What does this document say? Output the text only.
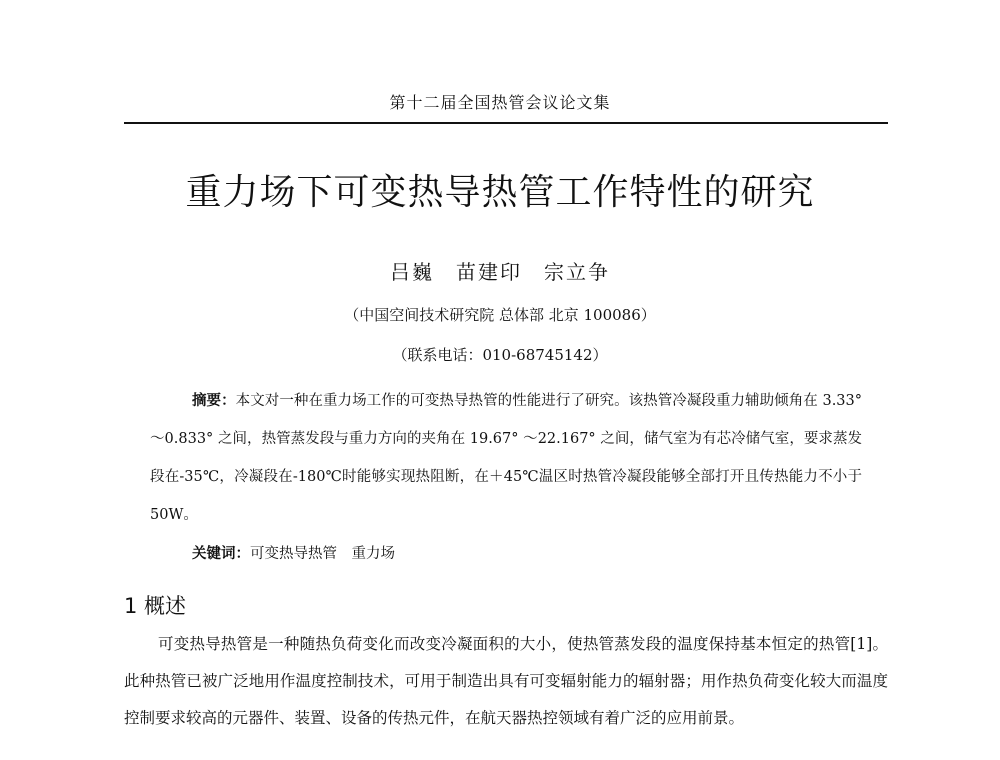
第十二届全国热管会议论文集
重力场下可变热导热管工作特性的研究
吕巍　苗建印　宗立争
（中国空间技术研究院 总体部 北京 100086）
（联系电话：010-68745142）
摘要：本文对一种在重力场工作的可变热导热管的性能进行了研究。该热管冷凝段重力辅助倾角在 3.33° ～0.833° 之间，热管蒸发段与重力方向的夹角在 19.67° ～22.167° 之间，储气室为有芯冷储气室，要求蒸发段在-35℃，冷凝段在-180℃时能够实现热阻断，在＋45℃温区时热管冷凝段能够全部打开且传热能力不小于 50W。
关键词：可变热导热管　重力场
1 概述
可变热导热管是一种随热负荷变化而改变冷凝面积的大小，使热管蒸发段的温度保持基本恒定的热管[1]。此种热管已被广泛地用作温度控制技术，可用于制造出具有可变辐射能力的辐射器；用作热负荷变化较大而温度控制要求较高的元器件、装置、设备的传热元件，在航天器热控领域有着广泛的应用前景。
